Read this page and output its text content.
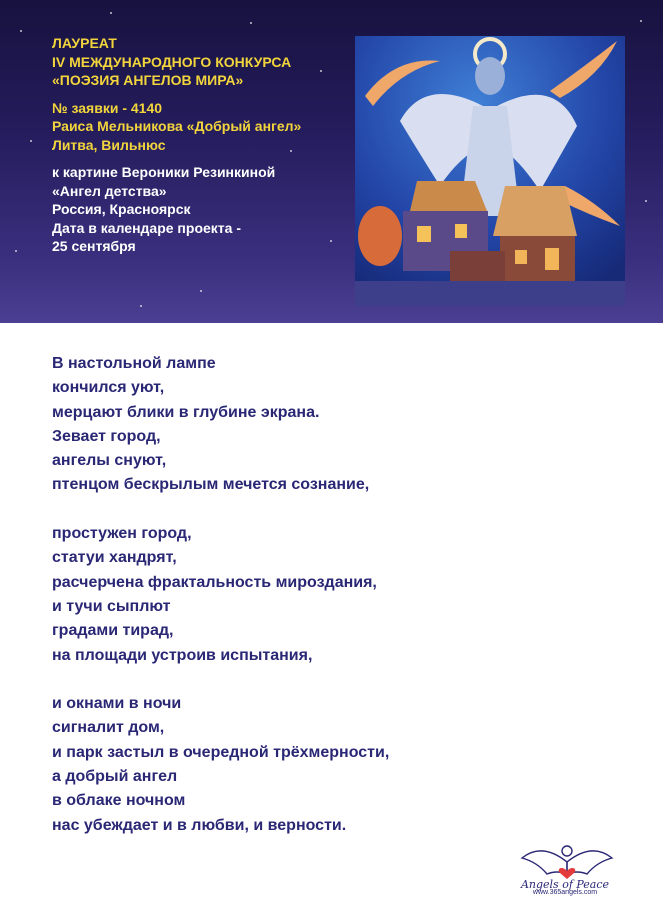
ЛАУРЕАТ
IV МЕЖДУНАРОДНОГО КОНКУРСА
«ПОЭЗИЯ АНГЕЛОВ МИРА»
№ заявки - 4140
Раиса Мельникова «Добрый ангел»
Литва, Вильнюс
к картине Вероники Резинкиной
«Ангел детства»
Россия, Красноярск
Дата в календаре проекта -
25 сентября
В настольной лампе
кончился уют,
мерцают блики в глубине экрана.
Зевает город,
ангелы снуют,
птенцом бескрылым мечется сознание,
простужен город,
статуи хандрят,
расчерчена фрактальность мироздания,
и тучи сыплют
градами тирад,
на площади устроив испытания,
и окнами в ночи
сигналит дом,
и парк застыл в очередной трёхмерности,
а добрый ангел
в облаке ночном
нас убеждает и в любви, и верности.
Angels of Peace
www.365angels.com
